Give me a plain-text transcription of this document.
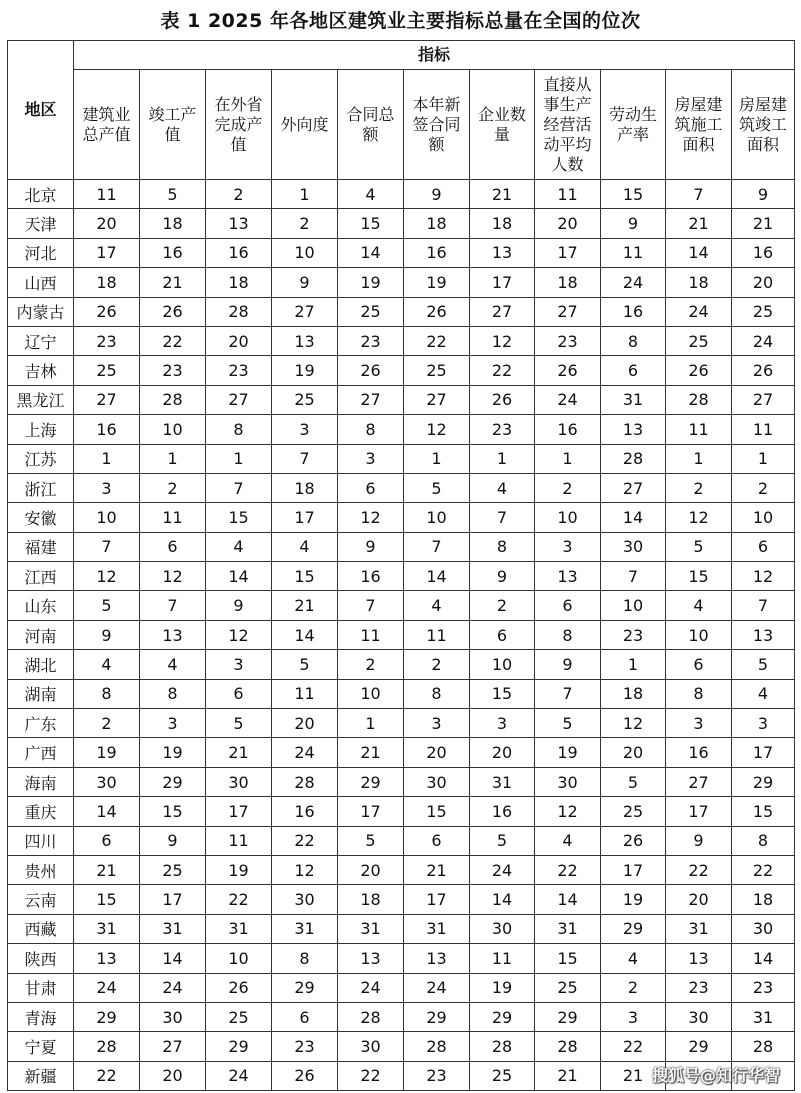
表 1 2025 年各地区建筑业主要指标总量在全国的位次
地区	指标										
	建筑业总产值	竣工产值	在外省完成产值	外向度	合同总额	本年新签合同额	企业数量	直接从事生产经营活动平均人数	劳动生产率	房屋建筑施工面积	房屋建筑竣工面积
北京	11	5	2	1	4	9	21	11	15	7	9
天津	20	18	13	2	15	18	18	20	9	21	21
河北	17	16	16	10	14	16	13	17	11	14	16
山西	18	21	18	9	19	19	17	18	24	18	20
内蒙古	26	26	28	27	25	26	27	27	16	24	25
辽宁	23	22	20	13	23	22	12	23	8	25	24
吉林	25	23	23	19	26	25	22	26	6	26	26
黑龙江	27	28	27	25	27	27	26	24	31	28	27
上海	16	10	8	3	8	12	23	16	13	11	11
江苏	1	1	1	7	3	1	1	1	28	1	1
浙江	3	2	7	18	6	5	4	2	27	2	2
安徽	10	11	15	17	12	10	7	10	14	12	10
福建	7	6	4	4	9	7	8	3	30	5	6
江西	12	12	14	15	16	14	9	13	7	15	12
山东	5	7	9	21	7	4	2	6	10	4	7
河南	9	13	12	14	11	11	6	8	23	10	13
湖北	4	4	3	5	2	2	10	9	1	6	5
湖南	8	8	6	11	10	8	15	7	18	8	4
广东	2	3	5	20	1	3	3	5	12	3	3
广西	19	19	21	24	21	20	20	19	20	16	17
海南	30	29	30	28	29	30	31	30	5	27	29
重庆	14	15	17	16	17	15	16	12	25	17	15
四川	6	9	11	22	5	6	5	4	26	9	8
贵州	21	25	19	12	20	21	24	22	17	22	22
云南	15	17	22	30	18	17	14	14	19	20	18
西藏	31	31	31	31	31	31	30	31	29	31	30
陕西	13	14	10	8	13	13	11	15	4	13	14
甘肃	24	24	26	29	24	24	19	25	2	23	23
青海	29	30	25	6	28	29	29	29	3	30	31
宁夏	28	27	29	23	30	28	28	28	22	29	28
新疆	22	20	24	26	22	23	25	21	21		搜狐号@知行华智
